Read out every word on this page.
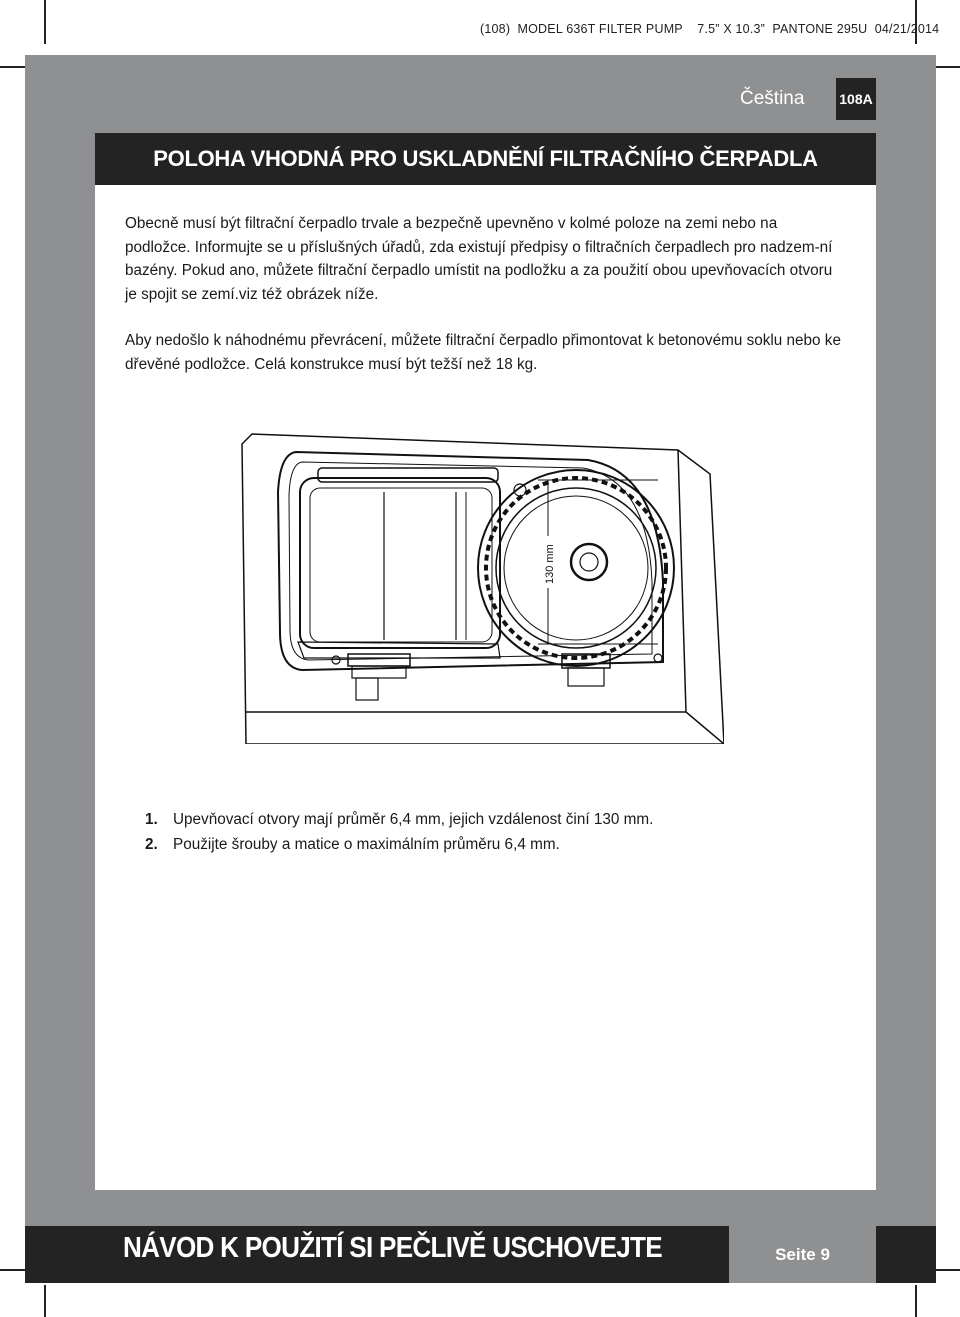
(108)  MODEL 636T FILTER PUMP    7.5” X 10.3”  PANTONE 295U  04/21/2014
Čeština 108A
POLOHA VHODNÁ PRO USKLADNĚNÍ FILTRAČNÍHO ČERPADLA
Obecně musí být filtrační čerpadlo trvale a bezpečně upevněno v kolmé poloze na zemi nebo na podložce. Informujte se u příslušných úřadů, zda existují předpisy o filtračních čerpadlech pro nadzem-ní bazény. Pokud ano, můžete filtrační čerpadlo umístit na podložku a za použití obou upevňovacích otvoru je spojit se zemí.viz též obrázek níže.
Aby nedošlo k náhodnému převrácení, můžete filtrační čerpadlo přimontovat k betonovému soklu nebo ke dřevěné podložce. Celá konstrukce musí být težší než 18 kg.
130 mm
1. Upevňovací otvory mají průměr 6,4 mm, jejich vzdálenost činí 130 mm.
2. Použijte šrouby a matice o maximálním průměru 6,4 mm.
NÁVOD K POUŽITÍ SI PEČLIVĚ USCHOVEJTE	Seite 9
